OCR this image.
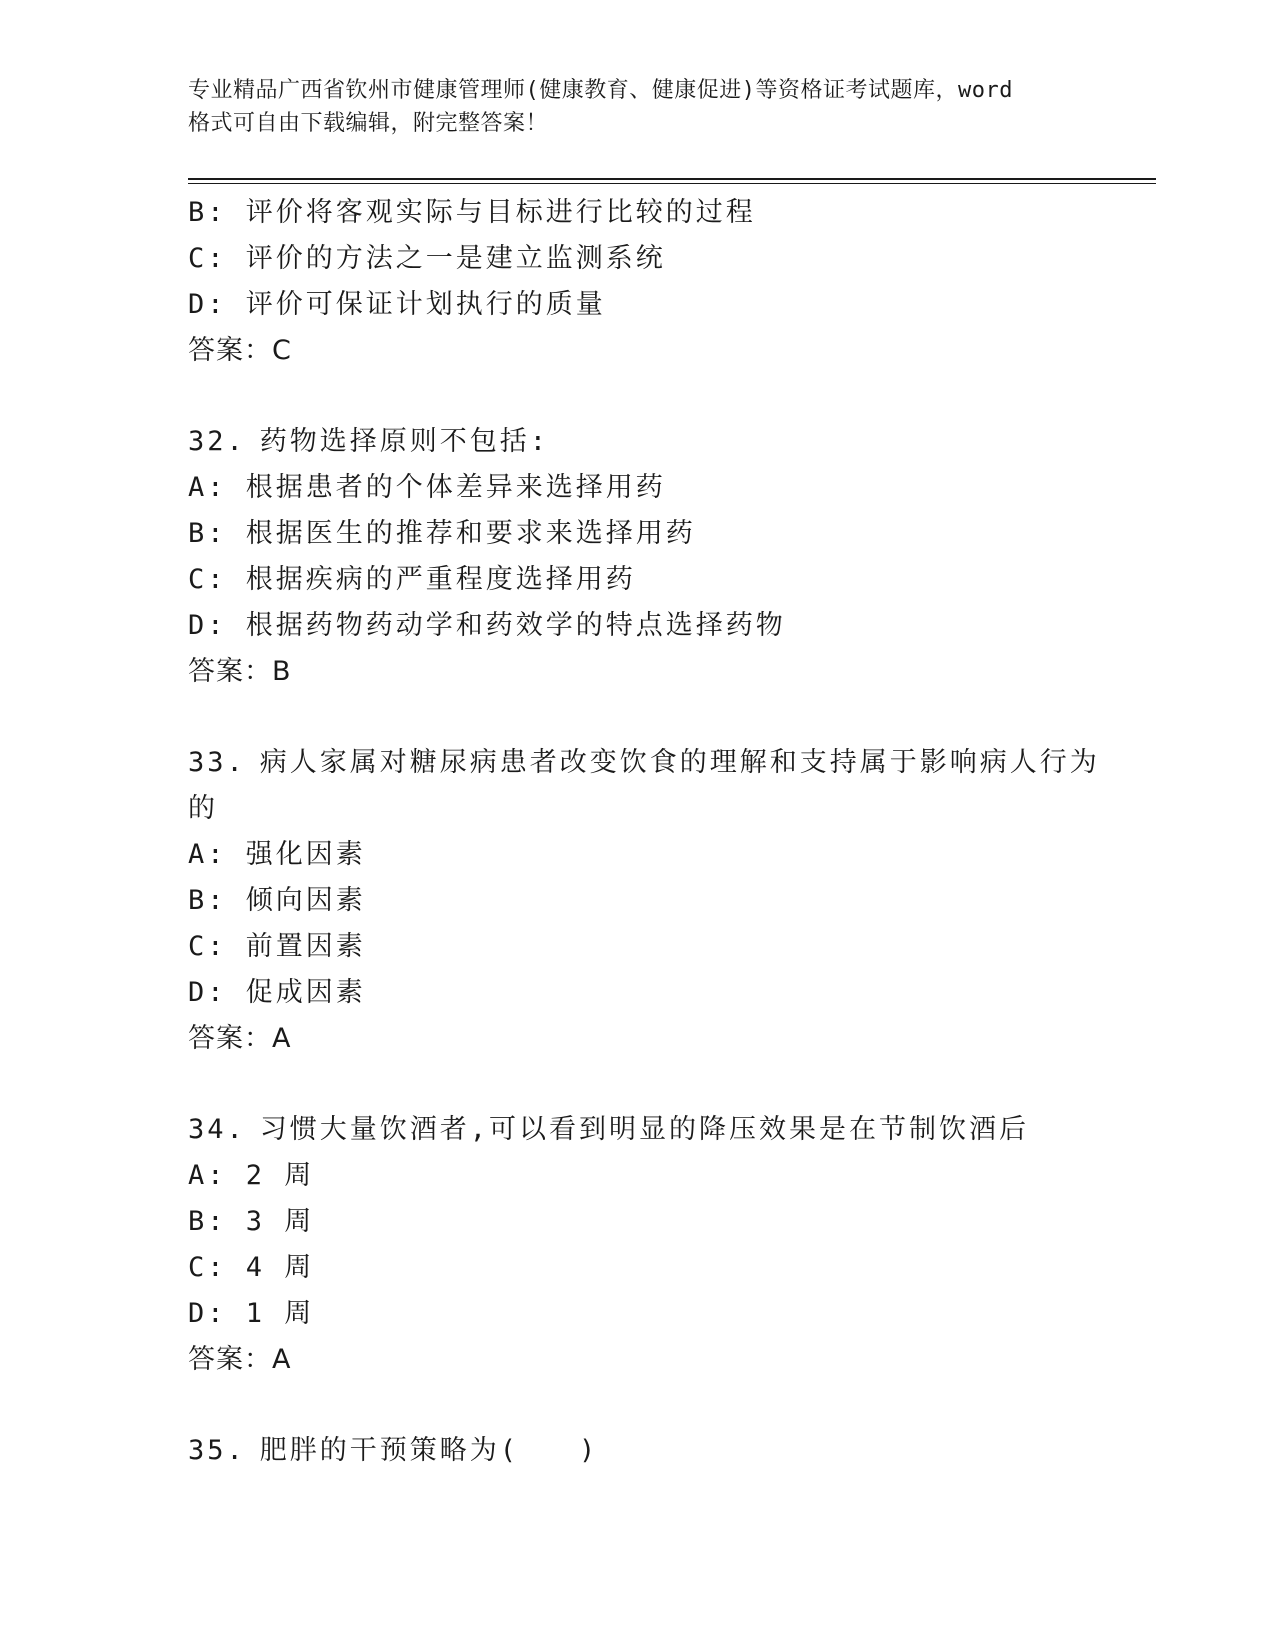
专业精品广西省钦州市健康管理师(健康教育、健康促进)等资格证考试题库，word
格式可自由下载编辑，附完整答案！
B: 评价将客观实际与目标进行比较的过程
C: 评价的方法之一是建立监测系统
D: 评价可保证计划执行的质量
答案：C
32. 药物选择原则不包括:
A: 根据患者的个体差异来选择用药
B: 根据医生的推荐和要求来选择用药
C: 根据疾病的严重程度选择用药
D: 根据药物药动学和药效学的特点选择药物
答案：B
33. 病人家属对糖尿病患者改变饮食的理解和支持属于影响病人行为
的
A: 强化因素
B: 倾向因素
C: 前置因素
D: 促成因素
答案：A
34. 习惯大量饮酒者,可以看到明显的降压效果是在节制饮酒后
A: 2 周
B: 3 周
C: 4 周
D: 1 周
答案：A
35. 肥胖的干预策略为(　　)
